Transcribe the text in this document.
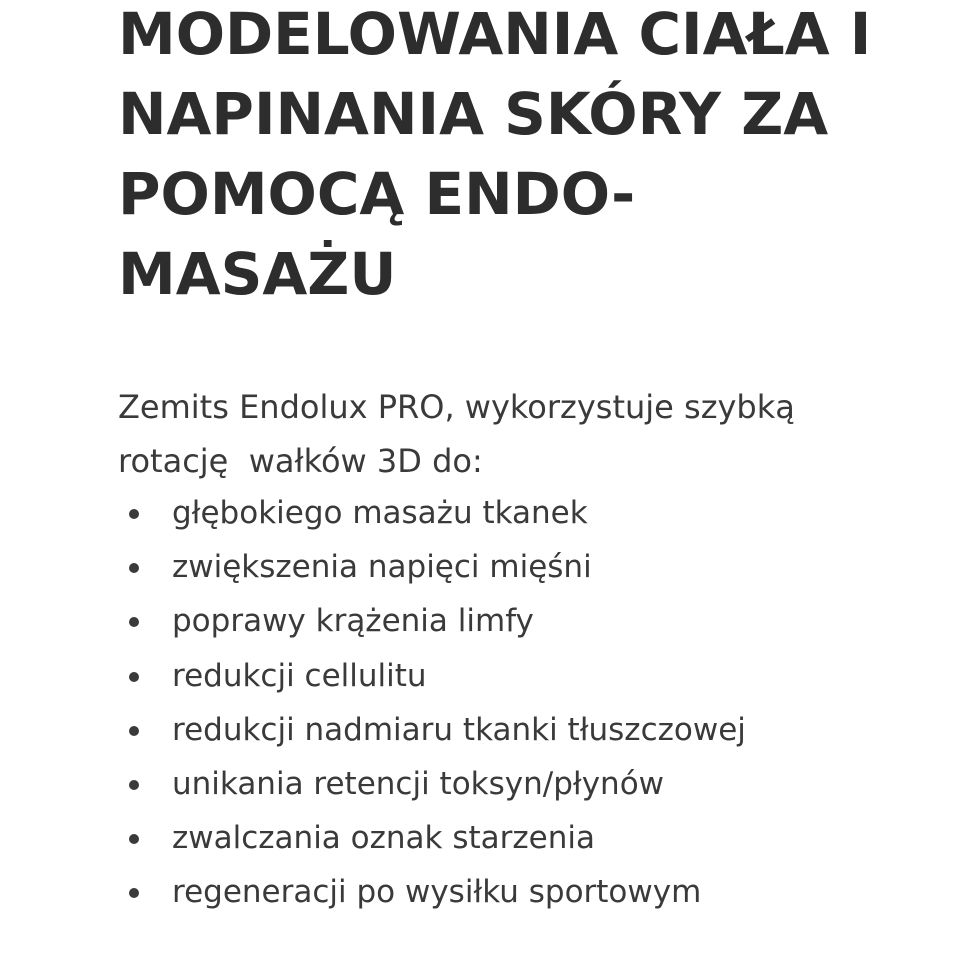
MODELOWANIA CIAŁA I
NAPINANIA SKÓRY ZA
POMOCĄ ENDO-
MASAŻU

Zemits Endolux PRO, wykorzystuje szybką
rotację  wałków 3D do:

głębokiego masażu tkanek
zwiększenia napięci mięśni
poprawy krążenia limfy
redukcji cellulitu
redukcji nadmiaru tkanki tłuszczowej
unikania retencji toksyn/płynów
zwalczania oznak starzenia
regeneracji po wysiłku sportowym
